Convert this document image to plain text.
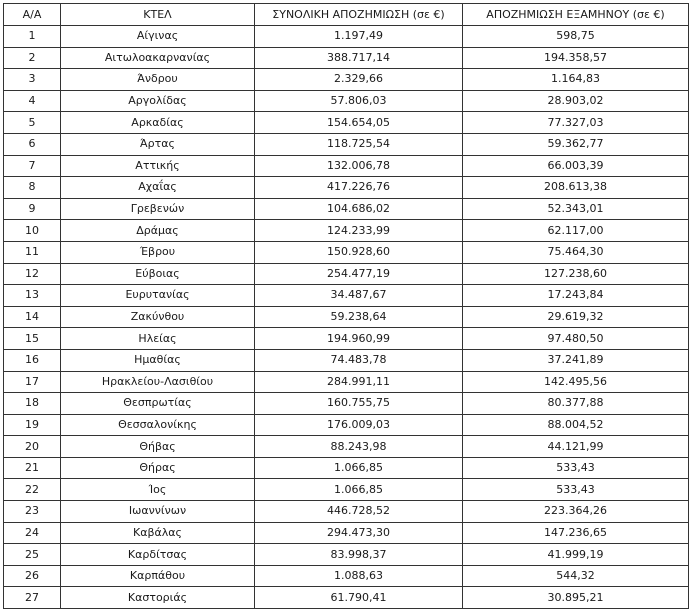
Α/Α	ΚΤΕΛ	ΣΥΝΟΛΙΚΗ ΑΠΟΖΗΜΙΩΣΗ (σε €)	ΑΠΟΖΗΜΙΩΣΗ ΕΞΑΜΗΝΟΥ (σε €)
1	Αίγινας	1.197,49	598,75
2	Αιτωλοακαρνανίας	388.717,14	194.358,57
3	Άνδρου	2.329,66	1.164,83
4	Αργολίδας	57.806,03	28.903,02
5	Αρκαδίας	154.654,05	77.327,03
6	Άρτας	118.725,54	59.362,77
7	Αττικής	132.006,78	66.003,39
8	Αχαΐας	417.226,76	208.613,38
9	Γρεβενών	104.686,02	52.343,01
10	Δράμας	124.233,99	62.117,00
11	Έβρου	150.928,60	75.464,30
12	Εύβοιας	254.477,19	127.238,60
13	Ευρυτανίας	34.487,67	17.243,84
14	Ζακύνθου	59.238,64	29.619,32
15	Ηλείας	194.960,99	97.480,50
16	Ημαθίας	74.483,78	37.241,89
17	Ηρακλείου-Λασιθίου	284.991,11	142.495,56
18	Θεσπρωτίας	160.755,75	80.377,88
19	Θεσσαλονίκης	176.009,03	88.004,52
20	Θήβας	88.243,98	44.121,99
21	Θήρας	1.066,85	533,43
22	Ίος	1.066,85	533,43
23	Ιωαννίνων	446.728,52	223.364,26
24	Καβάλας	294.473,30	147.236,65
25	Καρδίτσας	83.998,37	41.999,19
26	Καρπάθου	1.088,63	544,32
27	Καστοριάς	61.790,41	30.895,21
